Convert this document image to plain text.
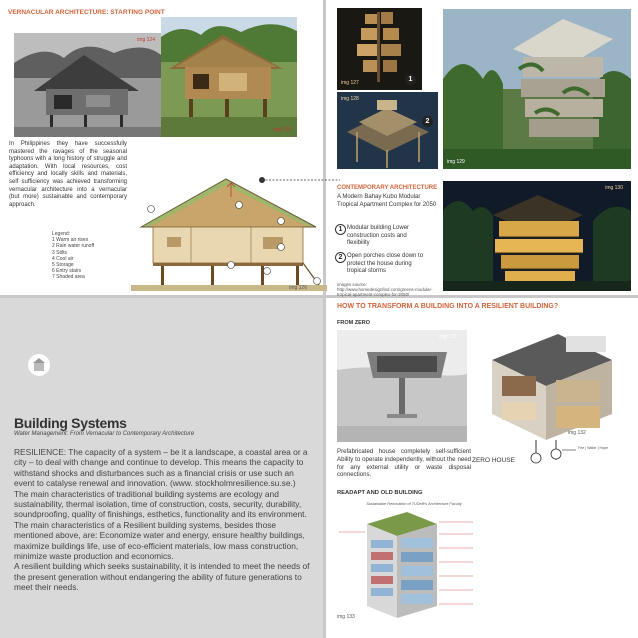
VERNACULAR ARCHITECTURE: STARTING POINT
img 124
img 125
In Philippines they have successfully mastered the ravages of the seasonal typhoons with a long history of struggle and adaptation. With local resources, cost efficiency and locally skills and materials, self sufficiency was achieved transforming vernacular architecture into a vernacular (but more) sustainable and contemporary approach.
img 126
Legend:
1 Warm air rises
2 Rain water runoff
3 Stilts
4 Cool air
5 Storage
6 Entry stairs
7 Shaded area
img 127	1
img 128
2
img 129
img 130
CONTEMPORARY ARCHITECTURE
A Modern Bahay Kubo Modular Tropical Apartment Complex for 2050
1 Modular building Lower construction costs and flexibility
2 Open porches close down to protect the house during tropical storms
images source: http://www.homedesignfind.com/greens-modular-tropical-apartment-complex-for-2050/
Building Systems
Water Management: From Vernacular to Contemporary Architecture
RESILIENCE: The capacity of a system – be it a landscape, a coastal area or a city – to deal with change and continue to develop. This means the capacity to withstand shocks and disturbances such as a financial crisis or use such an event to catalyse renewal and innovation. (www. stockholmresilience.su.se.)
The main characteristics of traditional building systems are ecology and sustainability, thermal isolation, time of construction, costs, security, durability, soundproofing, quality of finishings, esthetics, functionality and its environment.
The main characteristics of a Resilient building systems, besides those mentioned above, are: Economize water and energy, ensure healthy buildings, maximize buildings life, use of eco-efficient materials, low mass construction, minimize waste production and economics.
A resilient building which seeks sustainability, it is intended to meet the needs of the present generation without endangering the ability of future generations to meet their needs.
HOW TO TRANSFORM A BUILDING INTO A RESILIENT BUILDING?
FROM ZERO
img 131
Prefabricated house completely self-sufficient Ability to operate independently, without the need for any external utility or waste disposal connections.
img 132
ZERO HOUSE
Fire | Water | Hope
READAPT AND OLD BUILDING
Sustainable Renovation of TUDelft's Architecture Faculty
img 133
